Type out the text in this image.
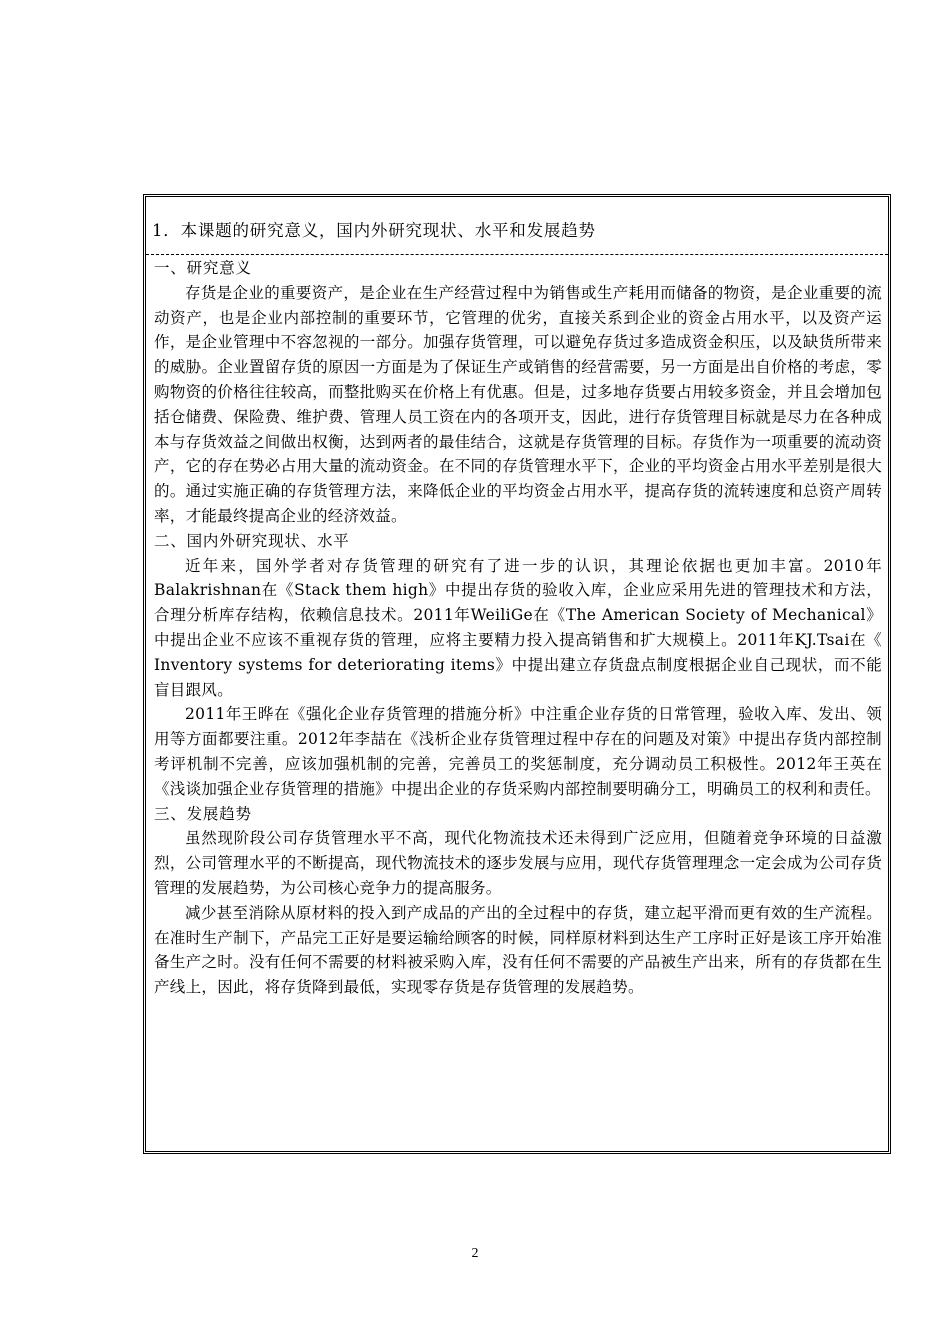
1．本课题的研究意义，国内外研究现状、水平和发展趋势

一、研究意义

存货是企业的重要资产，是企业在生产经营过程中为销售或生产耗用而储备的物资，是企业重要的流动资产，也是企业内部控制的重要环节，它管理的优劣，直接关系到企业的资金占用水平，以及资产运作，是企业管理中不容忽视的一部分。加强存货管理，可以避免存货过多造成资金积压，以及缺货所带来的威胁。企业置留存货的原因一方面是为了保证生产或销售的经营需要，另一方面是出自价格的考虑，零购物资的价格往往较高，而整批购买在价格上有优惠。但是，过多地存货要占用较多资金，并且会增加包括仓储费、保险费、维护费、管理人员工资在内的各项开支，因此，进行存货管理目标就是尽力在各种成本与存货效益之间做出权衡，达到两者的最佳结合，这就是存货管理的目标。存货作为一项重要的流动资产，它的存在势必占用大量的流动资金。在不同的存货管理水平下，企业的平均资金占用水平差别是很大的。通过实施正确的存货管理方法，来降低企业的平均资金占用水平，提高存货的流转速度和总资产周转率，才能最终提高企业的经济效益。

二、国内外研究现状、水平

近年来，国外学者对存货管理的研究有了进一步的认识，其理论依据也更加丰富。2010年Balakrishnan在《Stack them high》中提出存货的验收入库，企业应采用先进的管理技术和方法，合理分析库存结构，依赖信息技术。2011年WeiliGe在《The American Society of Mechanical》中提出企业不应该不重视存货的管理，应将主要精力投入提高销售和扩大规模上。2011年KJ.Tsai在《 Inventory systems for deteriorating items》中提出建立存货盘点制度根据企业自己现状，而不能盲目跟风。

2011年王晔在《强化企业存货管理的措施分析》中注重企业存货的日常管理，验收入库、发出、领用等方面都要注重。2012年李喆在《浅析企业存货管理过程中存在的问题及对策》中提出存货内部控制考评机制不完善，应该加强机制的完善，完善员工的奖惩制度，充分调动员工积极性。2012年王英在《浅谈加强企业存货管理的措施》中提出企业的存货采购内部控制要明确分工，明确员工的权利和责任。

三、发展趋势

虽然现阶段公司存货管理水平不高，现代化物流技术还未得到广泛应用，但随着竞争环境的日益激烈，公司管理水平的不断提高，现代物流技术的逐步发展与应用，现代存货管理理念一定会成为公司存货管理的发展趋势，为公司核心竞争力的提高服务。

减少甚至消除从原材料的投入到产成品的产出的全过程中的存货，建立起平滑而更有效的生产流程。在准时生产制下，产品完工正好是要运输给顾客的时候，同样原材料到达生产工序时正好是该工序开始准备生产之时。没有任何不需要的材料被采购入库，没有任何不需要的产品被生产出来，所有的存货都在生产线上，因此，将存货降到最低，实现零存货是存货管理的发展趋势。

2
